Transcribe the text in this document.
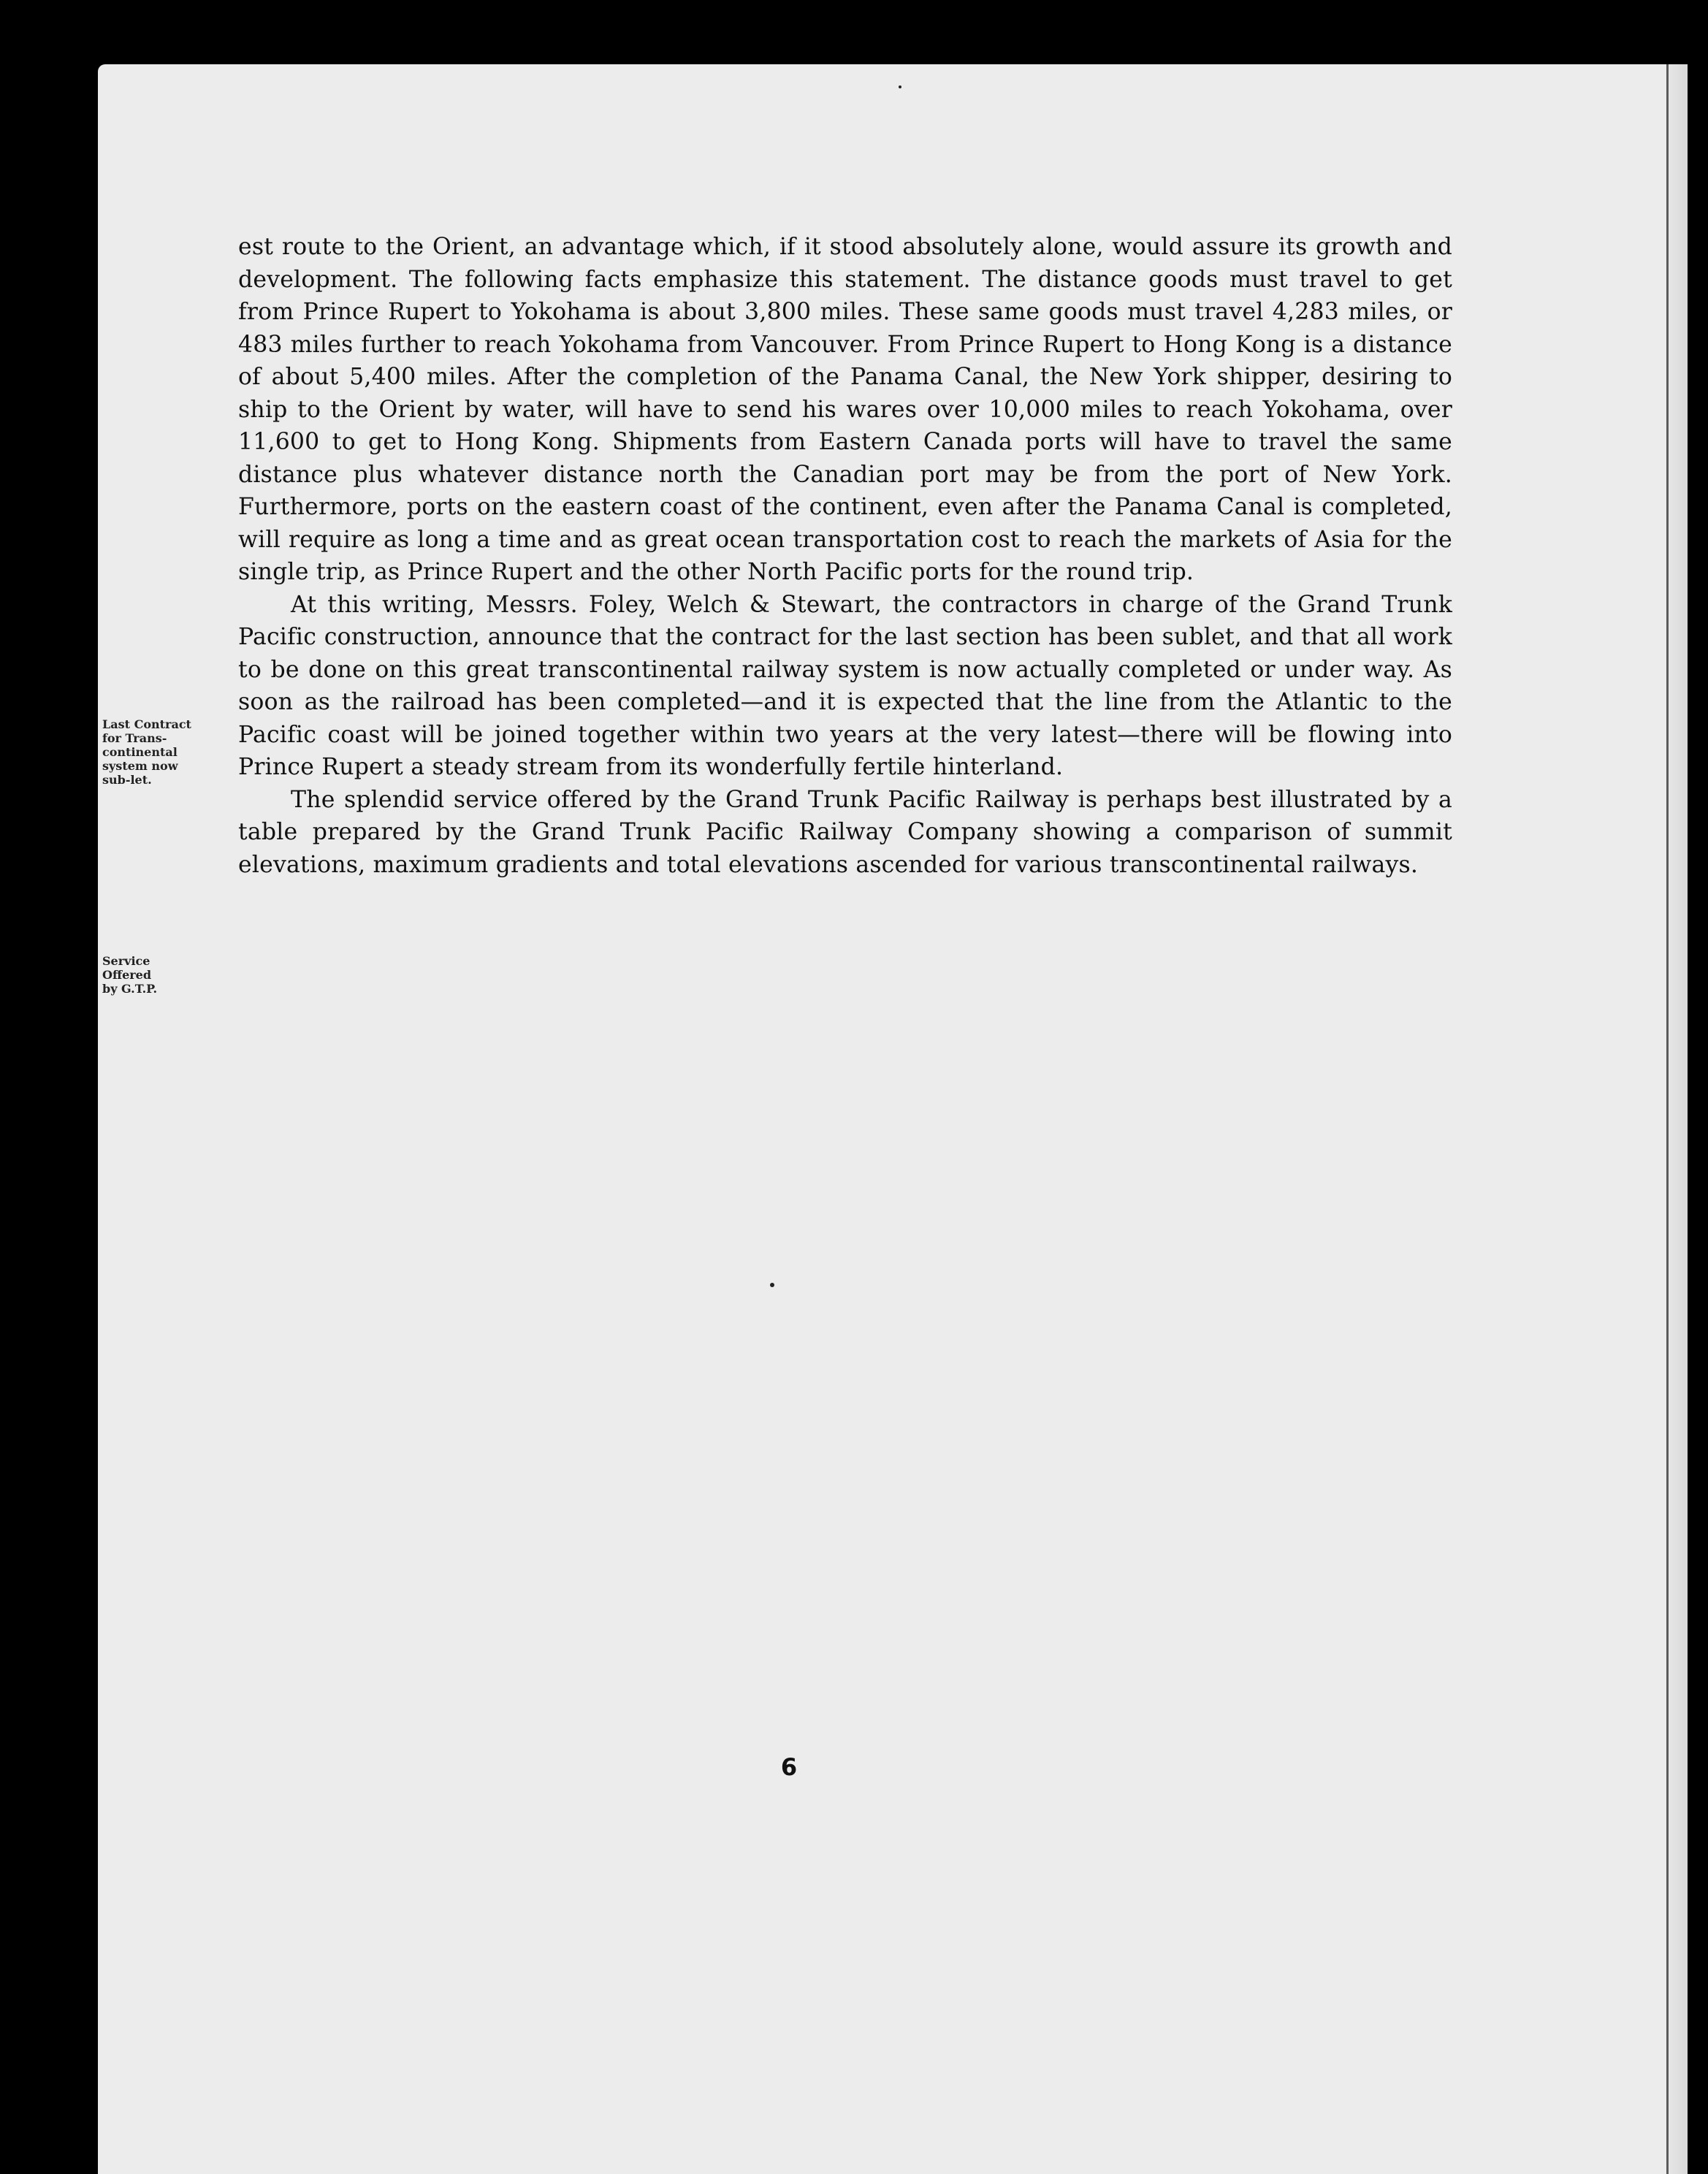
est route to the Orient, an advantage which, if it stood absolutely alone, would assure its growth and development. The following facts emphasize this statement. The distance goods must travel to get from Prince Rupert to Yokohama is about 3,800 miles. These same goods must travel 4,283 miles, or 483 miles further to reach Yokohama from Vancouver. From Prince Rupert to Hong Kong is a distance of about 5,400 miles. After the completion of the Panama Canal, the New York shipper, desiring to ship to the Orient by water, will have to send his wares over 10,000 miles to reach Yokohama, over 11,600 to get to Hong Kong. Shipments from Eastern Canada ports will have to travel the same distance plus whatever distance north the Canadian port may be from the port of New York. Furthermore, ports on the eastern coast of the continent, even after the Panama Canal is completed, will require as long a time and as great ocean transportation cost to reach the markets of Asia for the single trip, as Prince Rupert and the other North Pacific ports for the round trip.

At this writing, Messrs. Foley, Welch & Stewart, the contractors in charge of the Grand Trunk Pacific construction, announce that the contract for the last section has been sublet, and that all work to be done on this great transcontinental railway system is now actually completed or under way. As soon as the railroad has been completed—and it is expected that the line from the Atlantic to the Pacific coast will be joined together within two years at the very latest—there will be flowing into Prince Rupert a steady stream from its wonderfully fertile hinterland.

The splendid service offered by the Grand Trunk Pacific Railway is perhaps best illustrated by a table prepared by the Grand Trunk Pacific Railway Company showing a comparison of summit elevations, maximum gradients and total elevations ascended for various transcontinental railways.

Last Contract
for Trans-
continental
system now
sub-let.
Service
Offered
by G.T.P.
6
